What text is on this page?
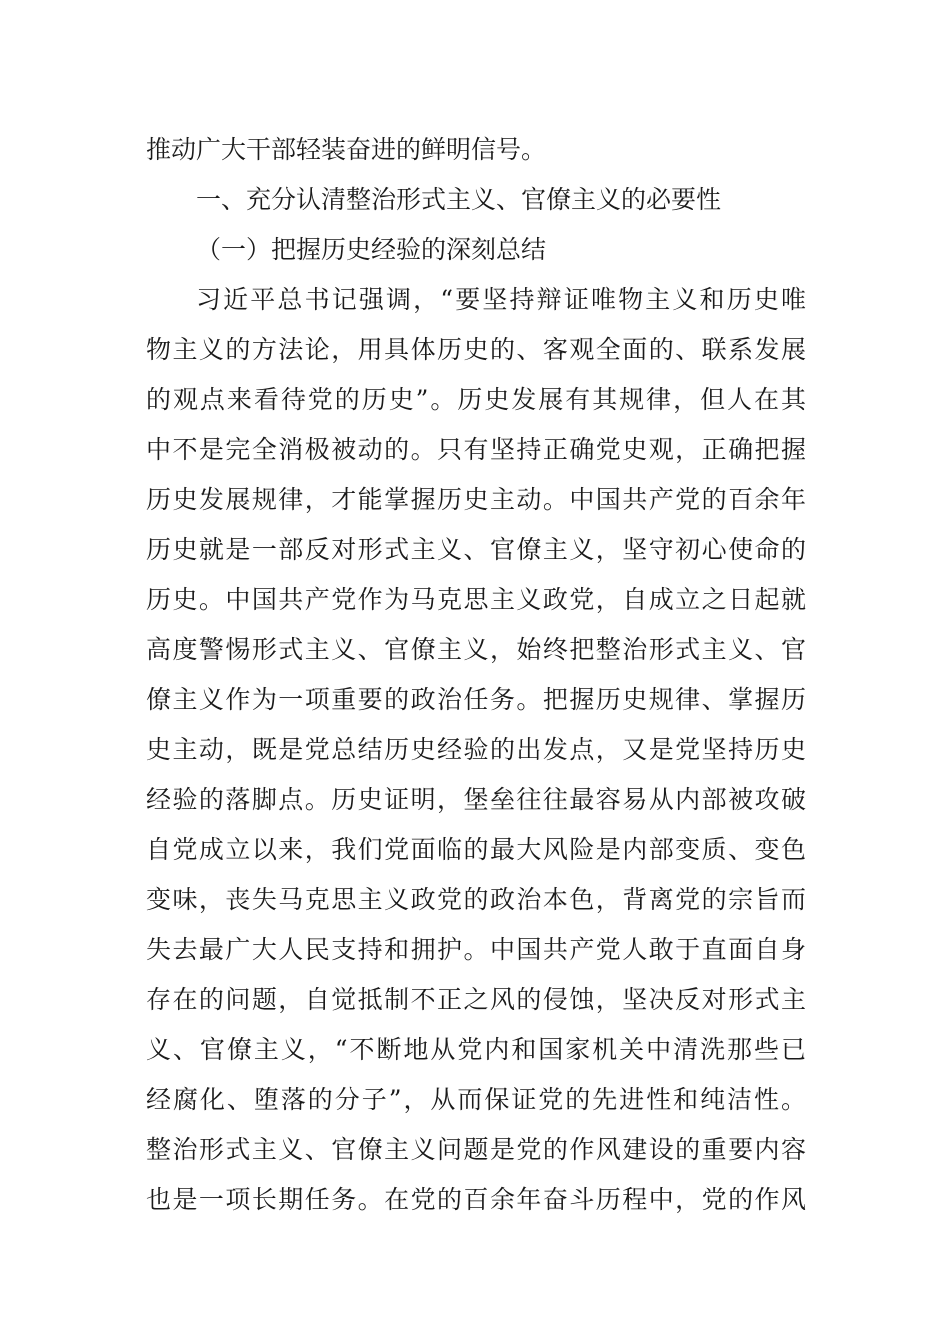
推动广大干部轻装奋进的鲜明信号。
一、充分认清整治形式主义、官僚主义的必要性
（一）把握历史经验的深刻总结
习近平总书记强调，“要坚持辩证唯物主义和历史唯
物主义的方法论，用具体历史的、客观全面的、联系发展
的观点来看待党的历史”。历史发展有其规律，但人在其
中不是完全消极被动的。只有坚持正确党史观，正确把握
历史发展规律，才能掌握历史主动。中国共产党的百余年
历史就是一部反对形式主义、官僚主义，坚守初心使命的
历史。中国共产党作为马克思主义政党，自成立之日起就
高度警惕形式主义、官僚主义，始终把整治形式主义、官
僚主义作为一项重要的政治任务。把握历史规律、掌握历
史主动，既是党总结历史经验的出发点，又是党坚持历史
经验的落脚点。历史证明，堡垒往往最容易从内部被攻破
自党成立以来，我们党面临的最大风险是内部变质、变色
变味，丧失马克思主义政党的政治本色，背离党的宗旨而
失去最广大人民支持和拥护。中国共产党人敢于直面自身
存在的问题，自觉抵制不正之风的侵蚀，坚决反对形式主
义、官僚主义，“不断地从党内和国家机关中清洗那些已
经腐化、堕落的分子”，从而保证党的先进性和纯洁性。
整治形式主义、官僚主义问题是党的作风建设的重要内容
也是一项长期任务。在党的百余年奋斗历程中，党的作风
